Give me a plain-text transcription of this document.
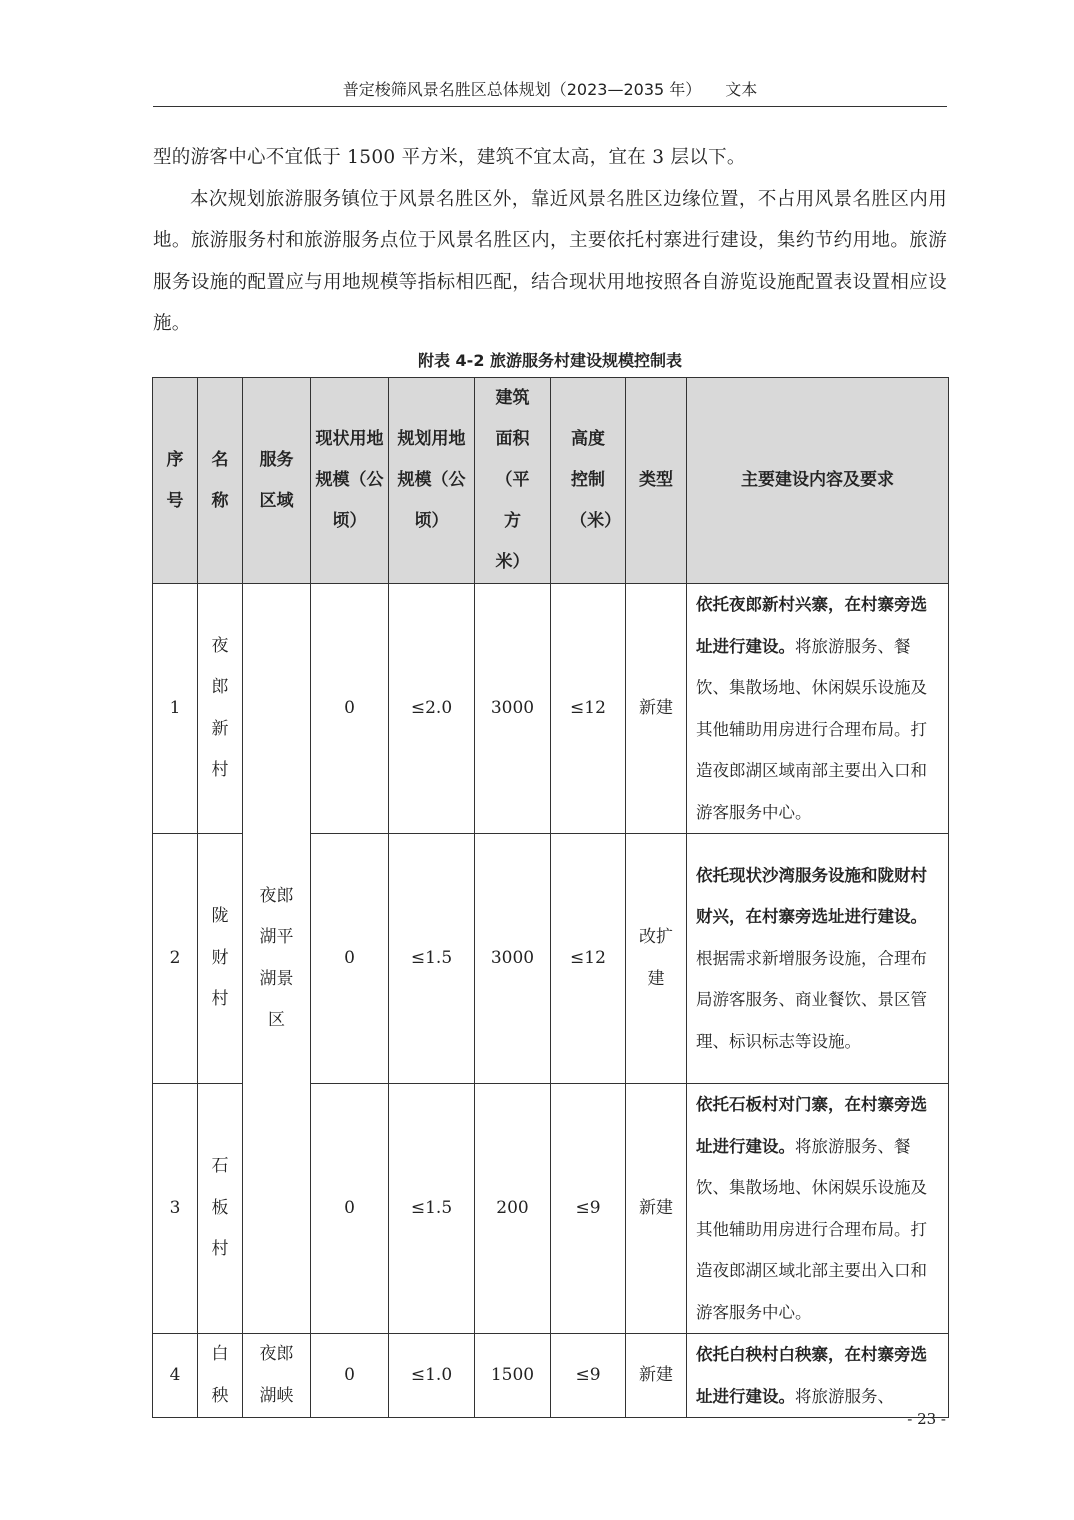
普定梭筛风景名胜区总体规划（2023—2035 年）　　文本

型的游客中心不宜低于 1500 平方米，建筑不宜太高，宜在 3 层以下。

本次规划旅游服务镇位于风景名胜区外，靠近风景名胜区边缘位置，不占用风景名胜区内用地。旅游服务村和旅游服务点位于风景名胜区内，主要依托村寨进行建设，集约节约用地。旅游服务设施的配置应与用地规模等指标相匹配，结合现状用地按照各自游览设施配置表设置相应设施。

附表 4-2 旅游服务村建设规模控制表
序号	名称	服务区域	现状用地规模（公顷）	规划用地规模（公顷）	建筑面积（平方米）	高度控制（米）	类型	主要建设内容及要求
1	夜郎新村	夜郎湖平湖景区	0	≤2.0	3000	≤12	新建	依托夜郎新村兴寨，在村寨旁选址进行建设。将旅游服务、餐饮、集散场地、休闲娱乐设施及其他辅助用房进行合理布局。打造夜郎湖区域南部主要出入口和游客服务中心。
2	陇财村		0	≤1.5	3000	≤12	改扩建	依托现状沙湾服务设施和陇财村财兴，在村寨旁选址进行建设。根据需求新增服务设施，合理布局游客服务、商业餐饮、景区管理、标识标志等设施。
3	石板村		0	≤1.5	200	≤9	新建	依托石板村对门寨，在村寨旁选址进行建设。将旅游服务、餐饮、集散场地、休闲娱乐设施及其他辅助用房进行合理布局。打造夜郎湖区域北部主要出入口和游客服务中心。
4	白秧	夜郎湖峡	0	≤1.0	1500	≤9	新建	依托白秧村白秧寨，在村寨旁选址进行建设。将旅游服务、
- 23 -
